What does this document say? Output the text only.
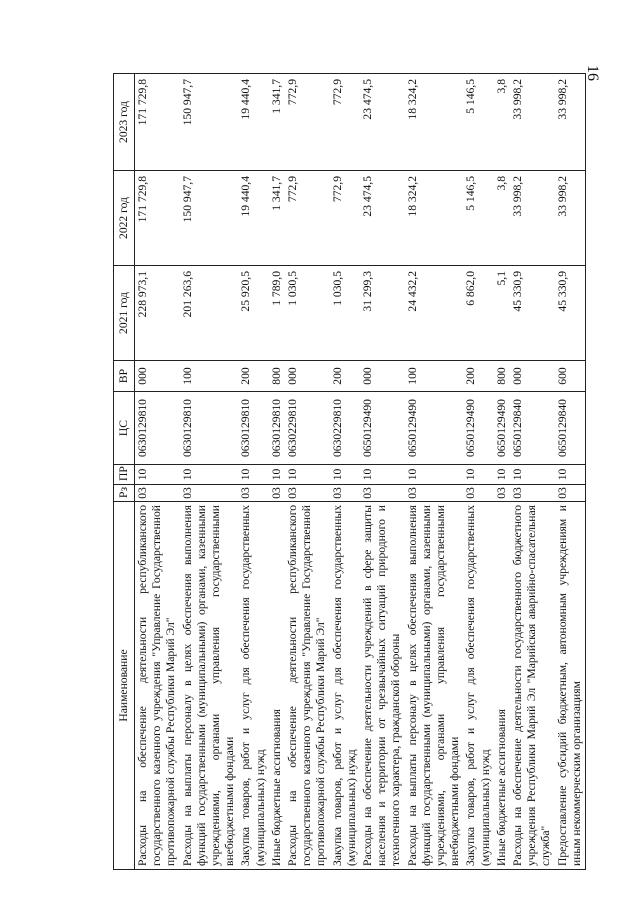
16
Наименование	Рз	ПР	ЦС	ВР	2021 год	2022 год	2023 год
Расходы на обеспечение деятельности республиканского государственного казенного учреждения "Управление Государственной противопожарной службы Республики Марий Эл"	03	10	0630129810	000	228 973,1	171 729,8	171 729,8
Расходы на выплаты персоналу в целях обеспечения выполнения функций государственными (муниципальными) органами, казенными учреждениями, органами управления государственными внебюджетными фондами	03	10	0630129810	100	201 263,6	150 947,7	150 947,7
Закупка товаров, работ и услуг для обеспечения государственных (муниципальных) нужд	03	10	0630129810	200	25 920,5	19 440,4	19 440,4
Иные бюджетные ассигнования	03	10	0630129810	800	1 789,0	1 341,7	1 341,7
Расходы на обеспечение деятельности республиканского государственного казенного учреждения "Управление Государственной противопожарной службы Республики Марий Эл"	03	10	0630229810	000	1 030,5	772,9	772,9
Закупка товаров, работ и услуг для обеспечения государственных (муниципальных) нужд	03	10	0630229810	200	1 030,5	772,9	772,9
Расходы на обеспечение деятельности учреждений в сфере защиты населения и территории от чрезвычайных ситуаций природного и техногенного характера, гражданской обороны	03	10	0650129490	000	31 299,3	23 474,5	23 474,5
Расходы на выплаты персоналу в целях обеспечения выполнения функций государственными (муниципальными) органами, казенными учреждениями, органами управления государственными внебюджетными фондами	03	10	0650129490	100	24 432,2	18 324,2	18 324,2
Закупка товаров, работ и услуг для обеспечения государственных (муниципальных) нужд	03	10	0650129490	200	6 862,0	5 146,5	5 146,5
Иные бюджетные ассигнования	03	10	0650129490	800	5,1	3,8	3,8
Расходы на обеспечение деятельности государственного бюджетного учреждения Республики Марий Эл "Марийская аварийно-спасательная служба"	03	10	0650129840	000	45 330,9	33 998,2	33 998,2
Предоставление субсидий бюджетным, автономным учреждениям и иным некоммерческим организациям	03	10	0650129840	600	45 330,9	33 998,2	33 998,2
